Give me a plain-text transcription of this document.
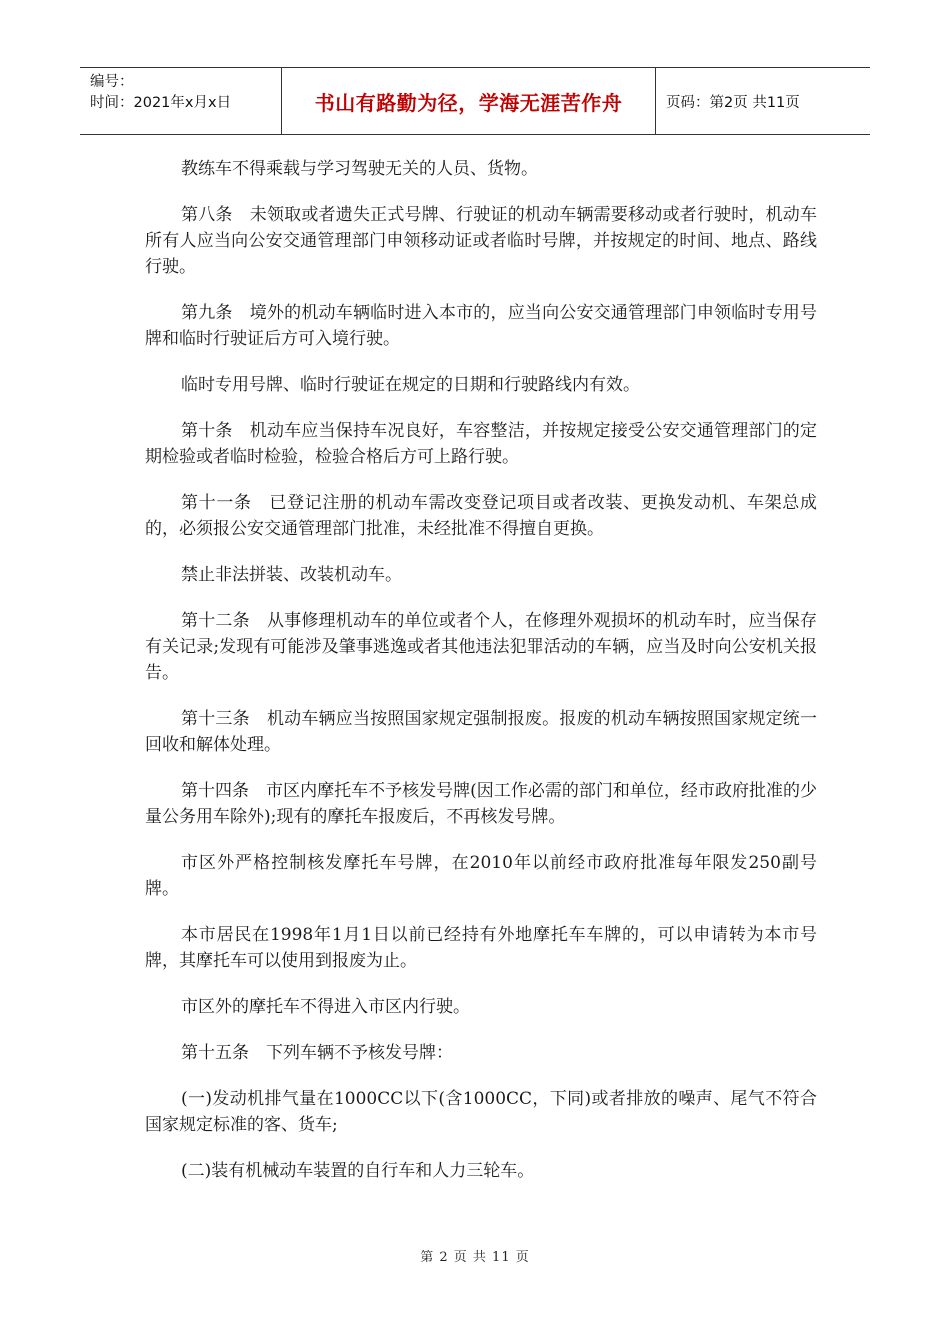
编号：
时间：2021年x月x日	书山有路勤为径，学海无涯苦作舟	页码：第2页 共11页

教练车不得乘载与学习驾驶无关的人员、货物。

第八条　未领取或者遗失正式号牌、行驶证的机动车辆需要移动或者行驶时，机动车所有人应当向公安交通管理部门申领移动证或者临时号牌，并按规定的时间、地点、路线行驶。

第九条　境外的机动车辆临时进入本市的，应当向公安交通管理部门申领临时专用号牌和临时行驶证后方可入境行驶。

临时专用号牌、临时行驶证在规定的日期和行驶路线内有效。

第十条　机动车应当保持车况良好，车容整洁，并按规定接受公安交通管理部门的定期检验或者临时检验，检验合格后方可上路行驶。

第十一条　已登记注册的机动车需改变登记项目或者改装、更换发动机、车架总成的，必须报公安交通管理部门批准，未经批准不得擅自更换。

禁止非法拼装、改装机动车。

第十二条　从事修理机动车的单位或者个人，在修理外观损坏的机动车时，应当保存有关记录;发现有可能涉及肇事逃逸或者其他违法犯罪活动的车辆，应当及时向公安机关报告。

第十三条　机动车辆应当按照国家规定强制报废。报废的机动车辆按照国家规定统一回收和解体处理。

第十四条　市区内摩托车不予核发号牌(因工作必需的部门和单位，经市政府批准的少量公务用车除外);现有的摩托车报废后，不再核发号牌。

市区外严格控制核发摩托车号牌，在2010年以前经市政府批准每年限发250副号牌。

本市居民在1998年1月1日以前已经持有外地摩托车车牌的，可以申请转为本市号牌，其摩托车可以使用到报废为止。

市区外的摩托车不得进入市区内行驶。

第十五条　下列车辆不予核发号牌：

(一)发动机排气量在1000CC以下(含1000CC，下同)或者排放的噪声、尾气不符合国家规定标准的客、货车;

(二)装有机械动车装置的自行车和人力三轮车。

第 2 页 共 11 页
